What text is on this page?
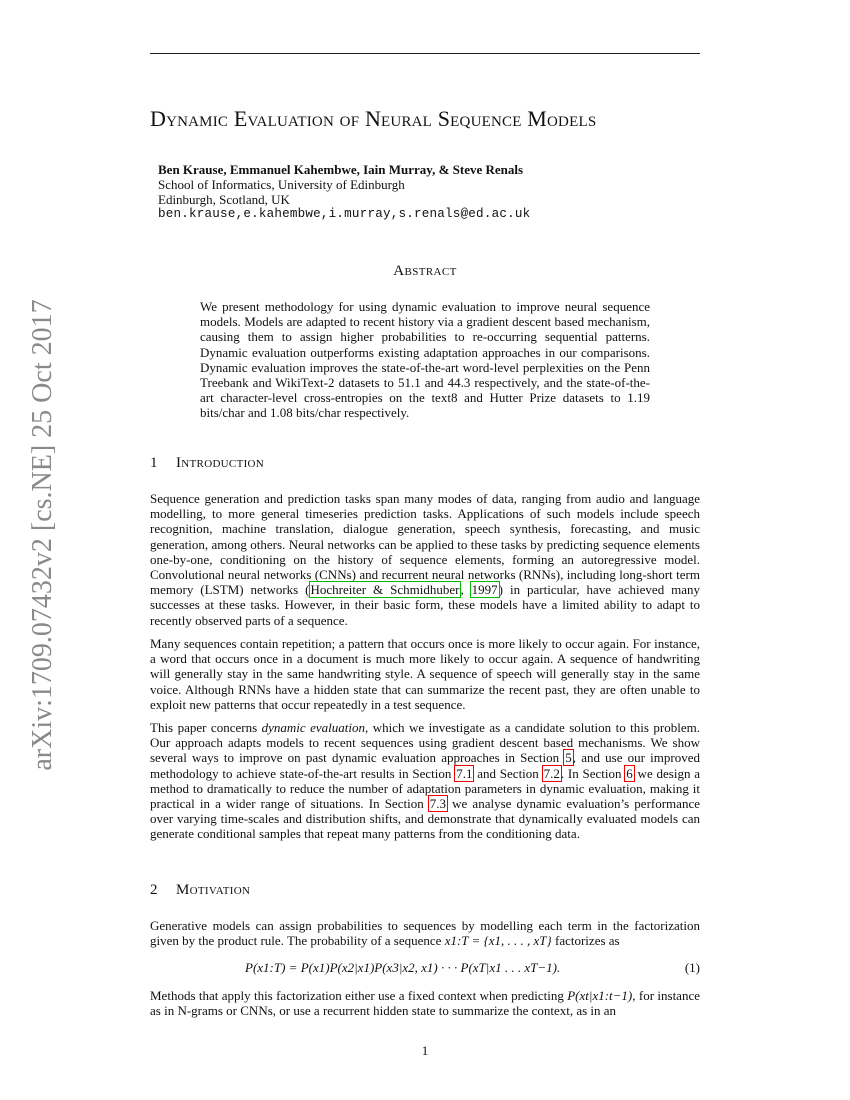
arXiv:1709.07432v2 [cs.NE] 25 Oct 2017
Dynamic Evaluation of Neural Sequence Models
Ben Krause, Emmanuel Kahembwe, Iain Murray, & Steve Renals
School of Informatics, University of Edinburgh
Edinburgh, Scotland, UK
ben.krause,e.kahembwe,i.murray,s.renals@ed.ac.uk
Abstract
We present methodology for using dynamic evaluation to improve neural sequence models. Models are adapted to recent history via a gradient descent based mechanism, causing them to assign higher probabilities to re-occurring sequential patterns. Dynamic evaluation outperforms existing adaptation approaches in our comparisons. Dynamic evaluation improves the state-of-the-art word-level perplexities on the Penn Treebank and WikiText-2 datasets to 51.1 and 44.3 respectively, and the state-of-the-art character-level cross-entropies on the text8 and Hutter Prize datasets to 1.19 bits/char and 1.08 bits/char respectively.
1 Introduction
Sequence generation and prediction tasks span many modes of data, ranging from audio and language modelling, to more general timeseries prediction tasks. Applications of such models include speech recognition, machine translation, dialogue generation, speech synthesis, forecasting, and music generation, among others. Neural networks can be applied to these tasks by predicting sequence elements one-by-one, conditioning on the history of sequence elements, forming an autoregressive model. Convolutional neural networks (CNNs) and recurrent neural networks (RNNs), including long-short term memory (LSTM) networks (Hochreiter & Schmidhuber, 1997) in particular, have achieved many successes at these tasks. However, in their basic form, these models have a limited ability to adapt to recently observed parts of a sequence.
Many sequences contain repetition; a pattern that occurs once is more likely to occur again. For instance, a word that occurs once in a document is much more likely to occur again. A sequence of handwriting will generally stay in the same handwriting style. A sequence of speech will generally stay in the same voice. Although RNNs have a hidden state that can summarize the recent past, they are often unable to exploit new patterns that occur repeatedly in a test sequence.
This paper concerns dynamic evaluation, which we investigate as a candidate solution to this problem. Our approach adapts models to recent sequences using gradient descent based mechanisms. We show several ways to improve on past dynamic evaluation approaches in Section 5, and use our improved methodology to achieve state-of-the-art results in Section 7.1 and Section 7.2. In Section 6 we design a method to dramatically to reduce the number of adaptation parameters in dynamic evaluation, making it practical in a wider range of situations. In Section 7.3 we analyse dynamic evaluation’s performance over varying time-scales and distribution shifts, and demonstrate that dynamically evaluated models can generate conditional samples that repeat many patterns from the conditioning data.
2 Motivation
Generative models can assign probabilities to sequences by modelling each term in the factorization given by the product rule. The probability of a sequence x1:T = {x1, . . . , xT} factorizes as
P(x1:T) = P(x1)P(x2|x1)P(x3|x2, x1) · · · P(xT|x1 . . . xT−1).	(1)
Methods that apply this factorization either use a fixed context when predicting P(xt|x1:t−1), for instance as in N-grams or CNNs, or use a recurrent hidden state to summarize the context, as in an
1
